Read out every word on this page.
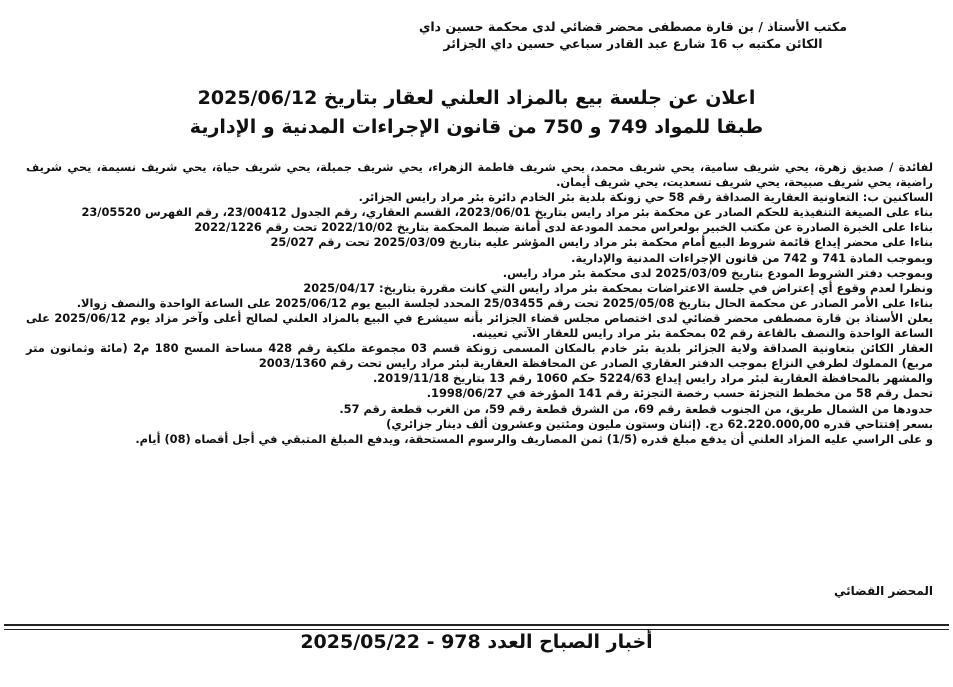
مكتب الأستاذ / بن قارة مصطفى محضر قضائي لدى محكمة حسين داي
الكائن مكتبه ب 16 شارع عبد القادر سباعي حسين داي الجزائر
اعلان عن جلسة بيع بالمزاد العلني لعقار بتاريخ 2025/06/12
طبقا للمواد 749 و 750 من قانون الإجراءات المدنية و الإدارية

لفائدة / صديق زهرة، يحي شريف سامية، يحي شريف محمد، يحي شريف فاطمة الزهراء، يحي شريف جميلة، يحي شريف حياة، يحي شريف نسيمة، يحي شريف راضية، يحي شريف صبيحة، يحي شريف تسعديت، يحي شريف أيمان.

الساكنين ب: التعاونية العقارية الصداقة رقم 58 حي زونكة بلدية بئر الخادم دائرة بئر مراد رايس الجزائر.

بناء على الصيغة التنفيذية للحكم الصادر عن محكمة بئر مراد رايس بتاريخ 2023/06/01، القسم العقاري، رقم الجدول 23/00412، رقم الفهرس 23/05520

بناءا على الخبرة الصادرة عن مكتب الخبير بولعراس محمد المودعة لدى أمانة ضبط المحكمة بتاريخ 2022/10/02 تحت رقم 2022/1226

بناءا على محضر إيداع قائمة شروط البيع أمام محكمة بئر مراد رايس المؤشر عليه بتاريخ 2025/03/09 تحت رقم 25/027

وبموجب المادة 741 و 742 من قانون الإجراءات المدنية والإدارية.

وبموجب دفتر الشروط المودع بتاريخ 2025/03/09 لدى محكمة بئر مراد رايس.

ونظرا لعدم وقوع أي إعتراض في جلسة الاعتراضات بمحكمة بئر مراد رايس التي كانت مقررة بتاريخ: 2025/04/17

بناءا على الأمر الصادر عن محكمة الحال بتاريخ 2025/05/08 تحت رقم 25/03455 المحدد لجلسة البيع يوم 2025/06/12 على الساعة الواحدة والنصف زوالا.

يعلن الأستاذ بن قارة مصطفى محضر قضائي لدى اختصاص مجلس قضاء الجزائر بأنه سيشرع في البيع بالمزاد العلني لصالح أعلى وآخر مزاد يوم 2025/06/12 على الساعة الواحدة والنصف بالقاعة رقم 02 بمحكمة بئر مراد رايس للعقار الآتي تعيينه.

العقار الكائن بتعاونية الصداقة ولاية الجزائر بلدية بئر خادم بالمكان المسمى زونكة قسم 03 مجموعة ملكية رقم 428 مساحة المسح 180 م2 (مائة وثمانون متر مربع) المملوك لطرفي النزاع بموجب الدفتر العقاري الصادر عن المحافظة العقارية لبئر مراد رايس تحت رقم 2003/1360

والمشهر بالمحافظة العقارية لبئر مراد رايس إيداع 5224/63 حكم 1060 رقم 13 بتاريخ 2019/11/18.

تحمل رقم 58 من مخطط التجزئة حسب رخصة التجزئة رقم 141 المؤرخة في 1998/06/27.

حدودها من الشمال طريق، من الجنوب قطعة رقم 69، من الشرق قطعة رقم 59، من الغرب قطعة رقم 57.

بسعر إفتتاحي قدره 62.220.000,00 دج. (إثنان وستون مليون ومئتين وعشرون ألف دينار جزائري)

و على الراسي عليه المزاد العلني أن يدفع مبلغ قدره (1/5) ثمن المصاريف والرسوم المستحقة، ويدفع المبلغ المتبقي في أجل أقصاه (08) أيام.

المحضر القضائي
أخبار الصباح العدد 978 - 2025/05/22
